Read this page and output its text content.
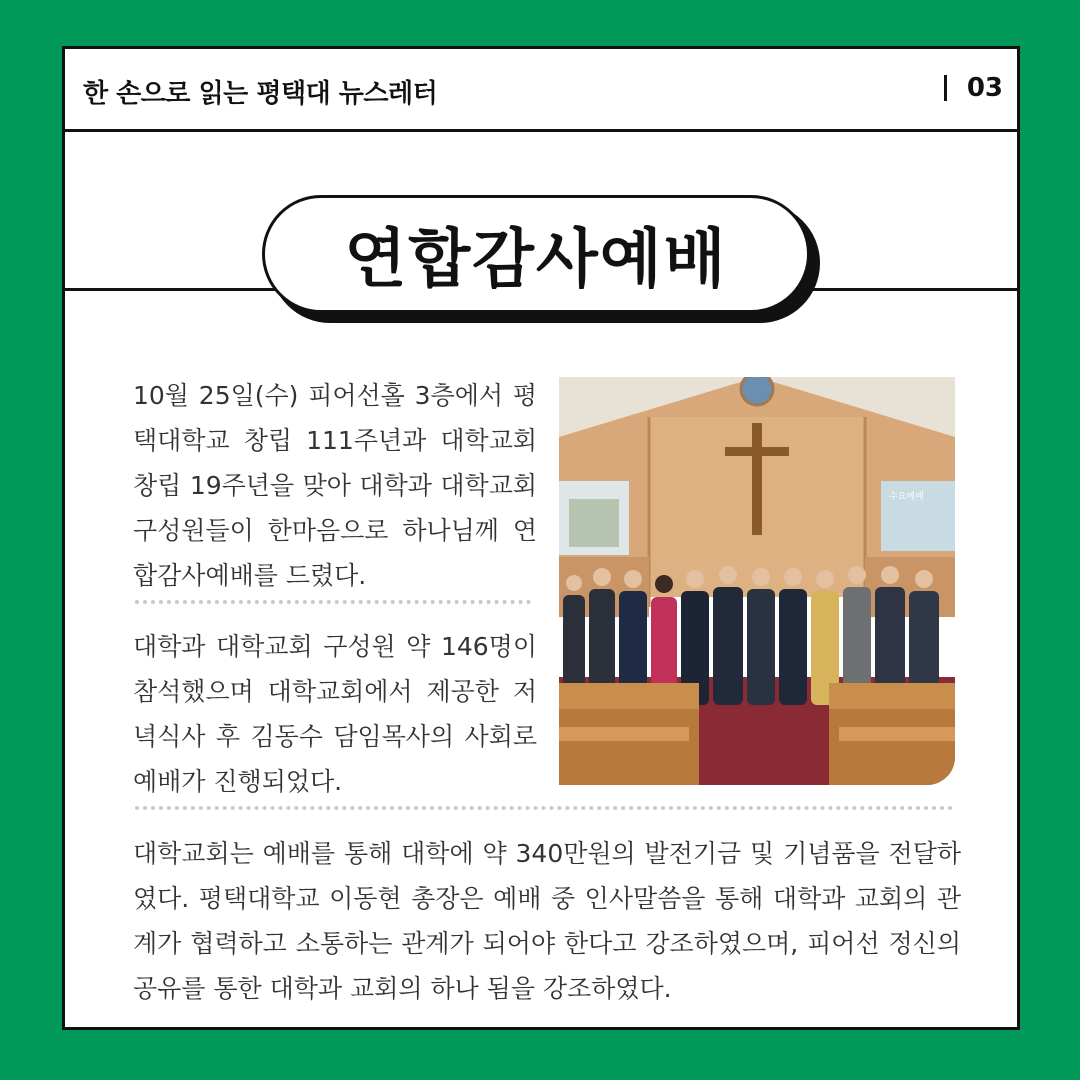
한 손으로 읽는 평택대 뉴스레터	03
연합감사예배

10월 25일(수) 피어선홀 3층에서 평택대학교 창립 111주년과 대학교회 창립 19주년을 맞아 대학과 대학교회 구성원들이 한마음으로 하나님께 연합감사예배를 드렸다.

대학과 대학교회 구성원 약 146명이 참석했으며 대학교회에서 제공한 저녁식사 후 김동수 담임목사의 사회로 예배가 진행되었다.

수요예배

대학교회는 예배를 통해 대학에 약 340만원의 발전기금 및 기념품을 전달하였다. 평택대학교 이동현 총장은 예배 중 인사말씀을 통해 대학과 교회의 관계가 협력하고 소통하는 관계가 되어야 한다고 강조하였으며, 피어선 정신의 공유를 통한 대학과 교회의 하나 됨을 강조하였다.
